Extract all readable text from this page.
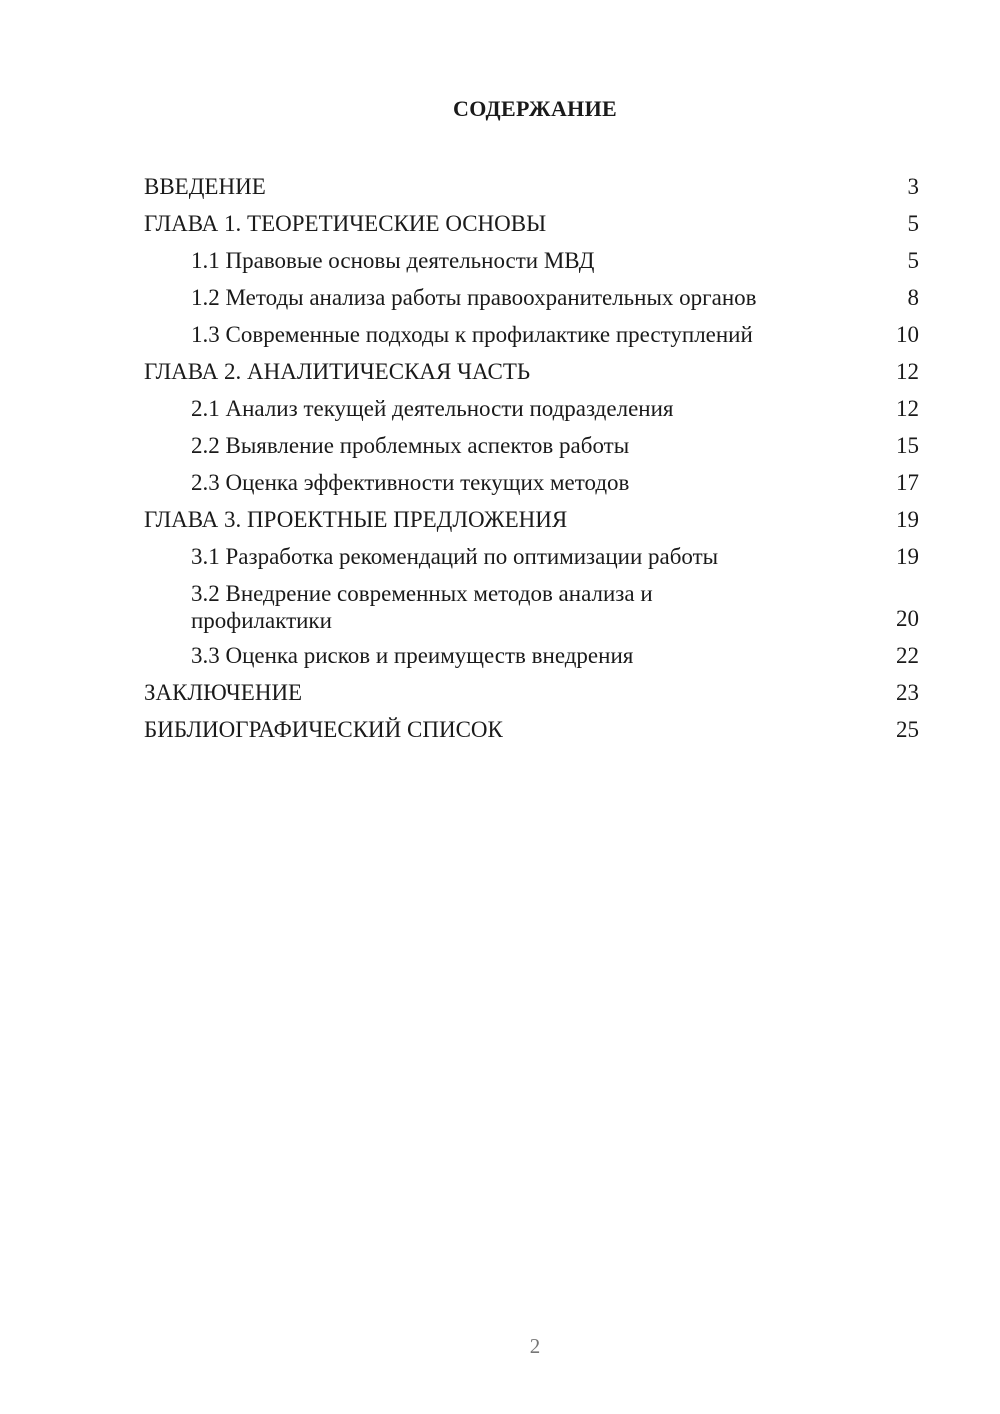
СОДЕРЖАНИЕ
ВВЕДЕНИЕ	3
ГЛАВА 1. ТЕОРЕТИЧЕСКИЕ ОСНОВЫ	5
1.1 Правовые основы деятельности МВД	5
1.2 Методы анализа работы правоохранительных органов	8
1.3 Современные подходы к профилактике преступлений	10
ГЛАВА 2. АНАЛИТИЧЕСКАЯ ЧАСТЬ	12
2.1 Анализ текущей деятельности подразделения	12
2.2 Выявление проблемных аспектов работы	15
2.3 Оценка эффективности текущих методов	17
ГЛАВА 3. ПРОЕКТНЫЕ ПРЕДЛОЖЕНИЯ	19
3.1 Разработка рекомендаций по оптимизации работы	19
3.2 Внедрение современных методов анализа и профилактики	20
3.3 Оценка рисков и преимуществ внедрения	22
ЗАКЛЮЧЕНИЕ	23
БИБЛИОГРАФИЧЕСКИЙ СПИСОК	25
2
